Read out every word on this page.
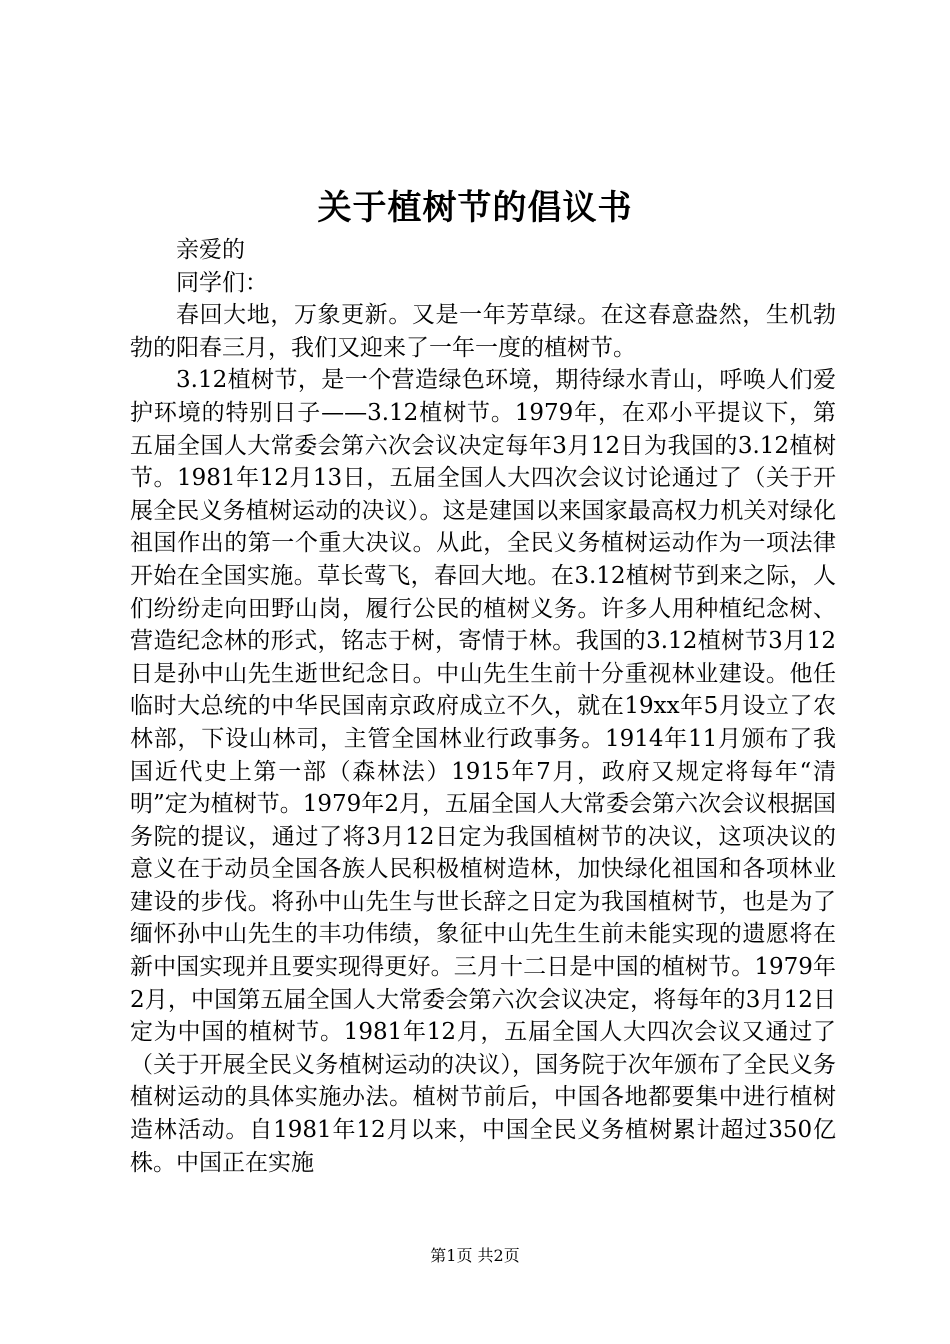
关于植树节的倡议书

亲爱的

同学们：

春回大地，万象更新。又是一年芳草绿。在这春意盎然，生机勃勃的阳春三月，我们又迎来了一年一度的植树节。

3.12植树节，是一个营造绿色环境，期待绿水青山，呼唤人们爱护环境的特别日子——3.12植树节。1979年，在邓小平提议下，第五届全国人大常委会第六次会议决定每年3月12日为我国的3.12植树节。1981年12月13日，五届全国人大四次会议讨论通过了（关于开展全民义务植树运动的决议）。这是建国以来国家最高权力机关对绿化祖国作出的第一个重大决议。从此，全民义务植树运动作为一项法律开始在全国实施。草长莺飞，春回大地。在3.12植树节到来之际，人们纷纷走向田野山岗，履行公民的植树义务。许多人用种植纪念树、营造纪念林的形式，铭志于树，寄情于林。我国的3.12植树节3月12日是孙中山先生逝世纪念日。中山先生生前十分重视林业建设。他任临时大总统的中华民国南京政府成立不久，就在19xx年5月设立了农林部，下设山林司，主管全国林业行政事务。1914年11月颁布了我国近代史上第一部（森林法）1915年7月，政府又规定将每年“清明”定为植树节。1979年2月，五届全国人大常委会第六次会议根据国务院的提议，通过了将3月12日定为我国植树节的决议，这项决议的意义在于动员全国各族人民积极植树造林，加快绿化祖国和各项林业建设的步伐。将孙中山先生与世长辞之日定为我国植树节，也是为了缅怀孙中山先生的丰功伟绩，象征中山先生生前未能实现的遗愿将在新中国实现并且要实现得更好。三月十二日是中国的植树节。1979年2月，中国第五届全国人大常委会第六次会议决定，将每年的3月12日定为中国的植树节。1981年12月，五届全国人大四次会议又通过了（关于开展全民义务植树运动的决议），国务院于次年颁布了全民义务植树运动的具体实施办法。植树节前后，中国各地都要集中进行植树造林活动。自1981年12月以来，中国全民义务植树累计超过350亿株。中国正在实施

第1页 共2页
